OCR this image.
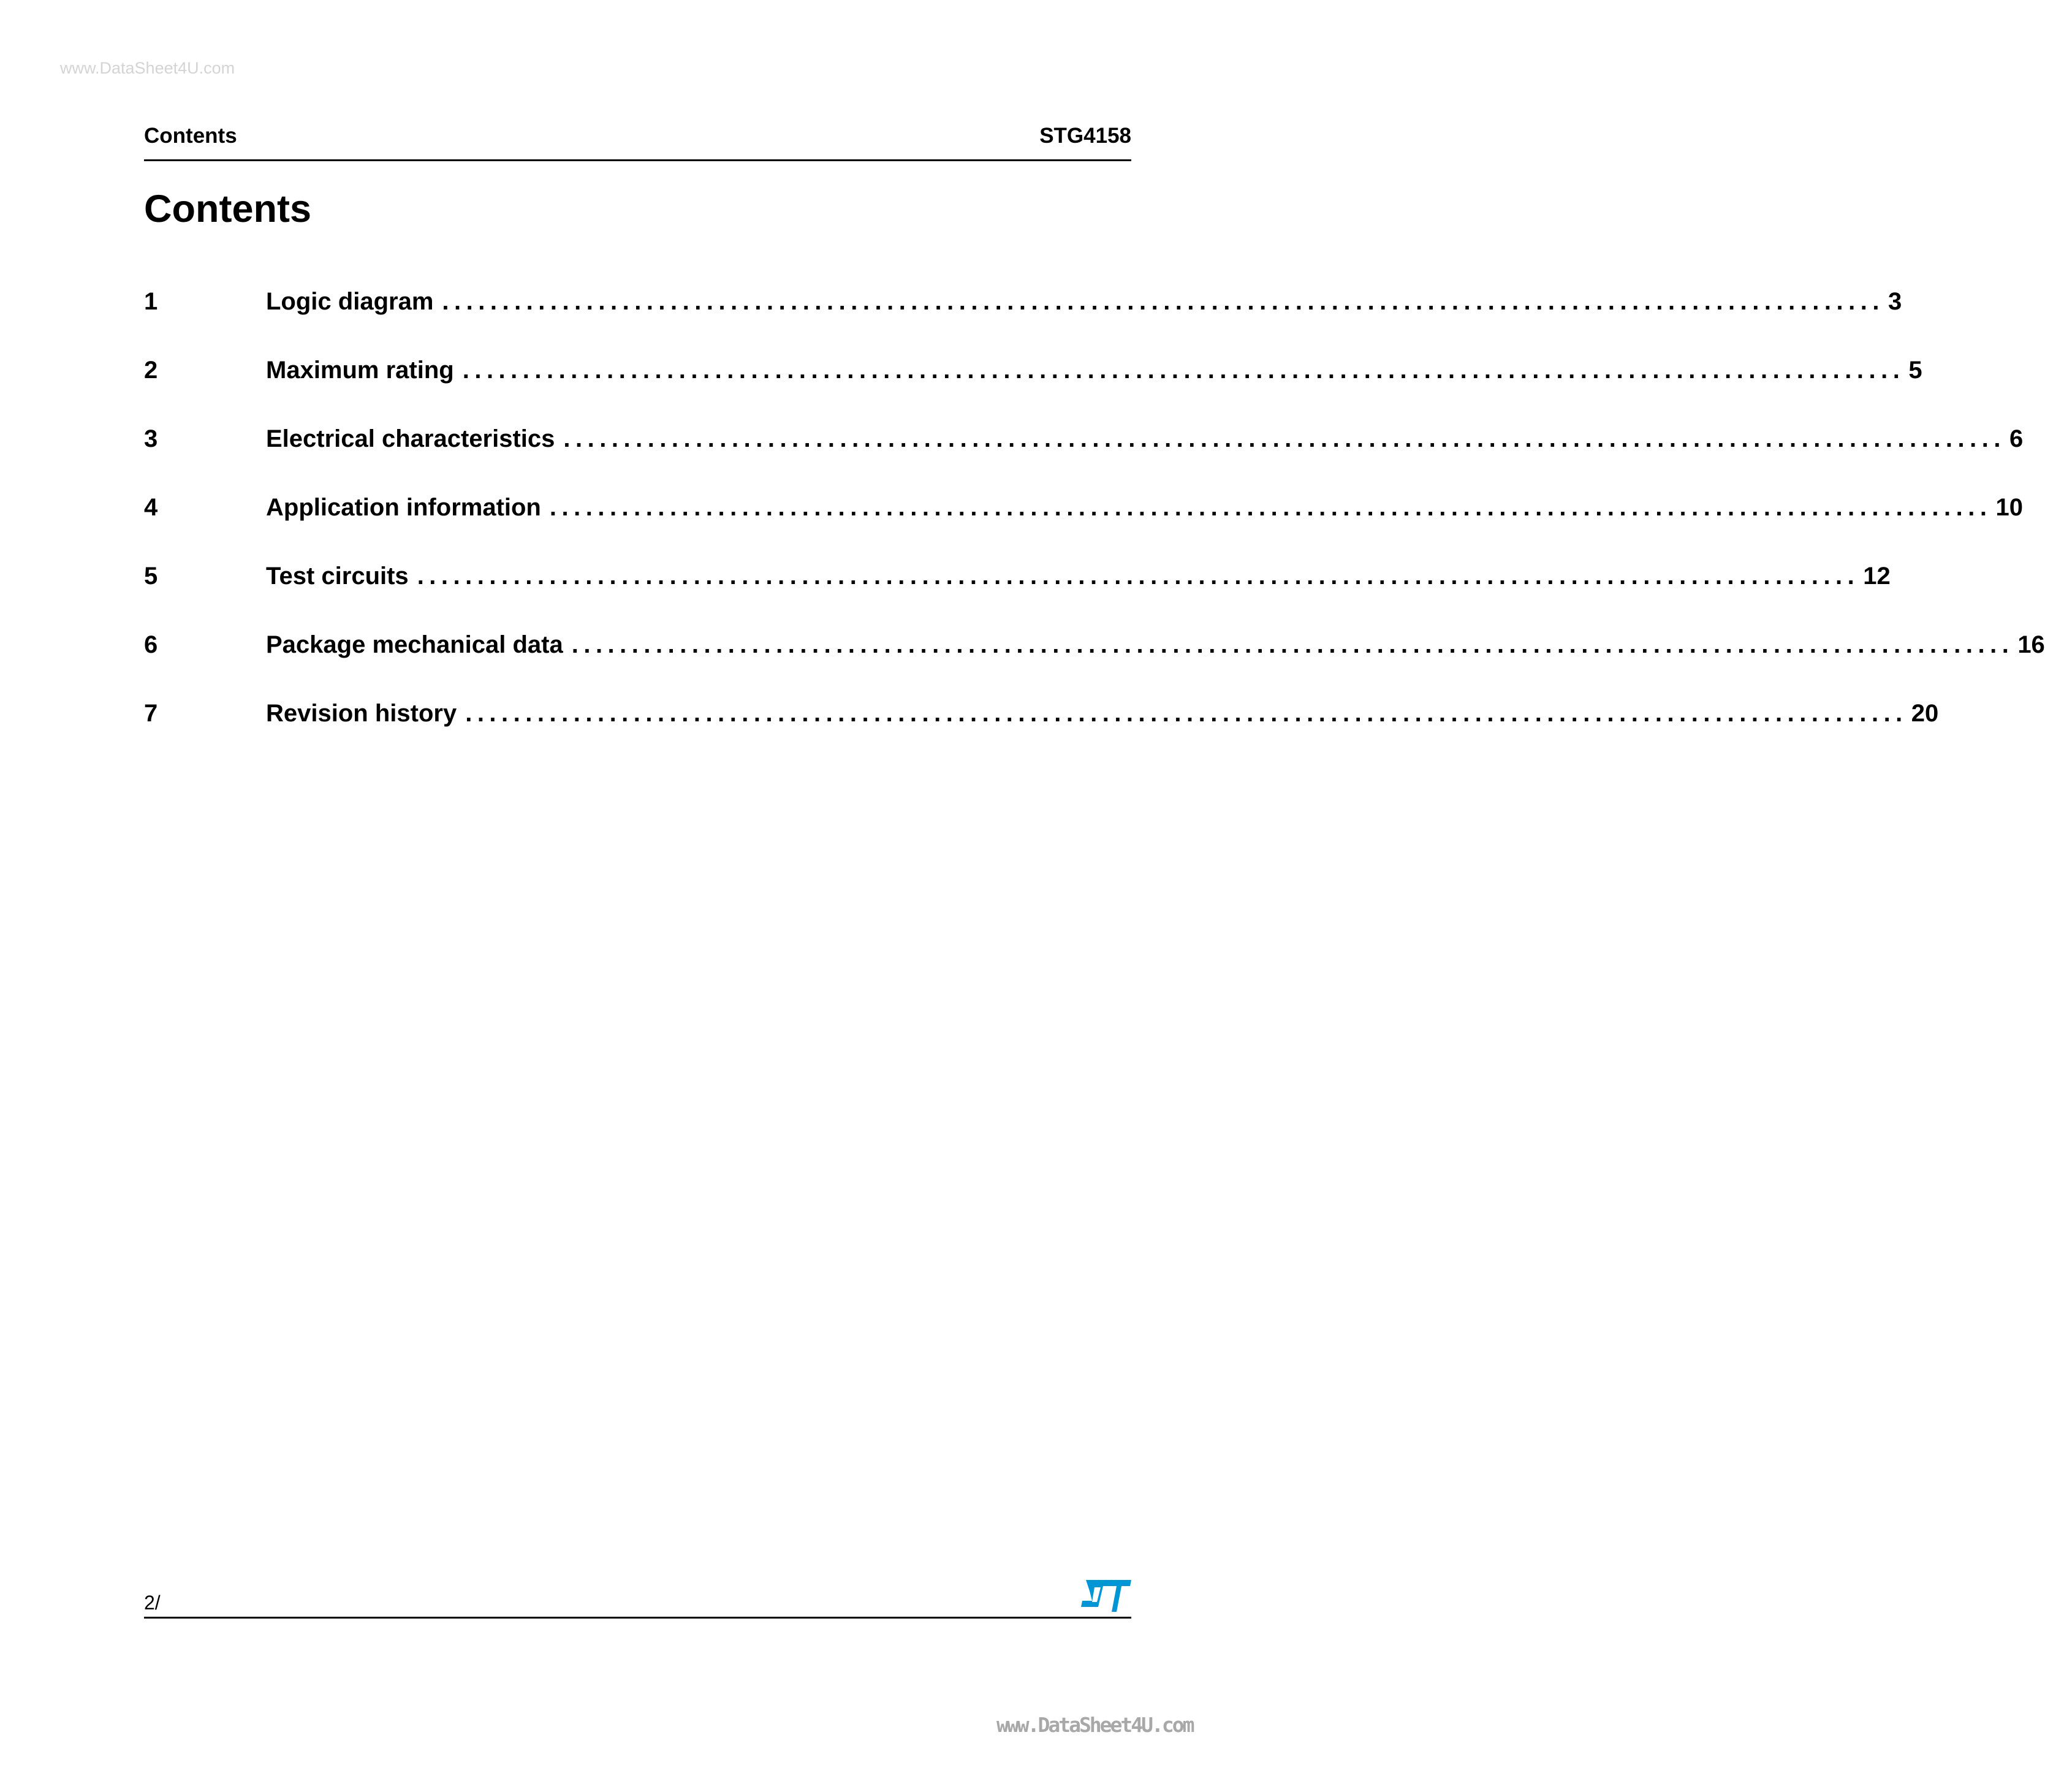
www.DataSheet4U.com
Contents	STG4158
Contents
1	Logic diagram ........................................................................................................................ 3
2	Maximum rating ........................................................................................................................ 5
3	Electrical characteristics ........................................................................................................................ 6
4	Application information ........................................................................................................................ 10
5	Test circuits ........................................................................................................................ 12
6	Package mechanical data ........................................................................................................................ 16
7	Revision history ........................................................................................................................ 20
2/
www.DataSheet4U.com
